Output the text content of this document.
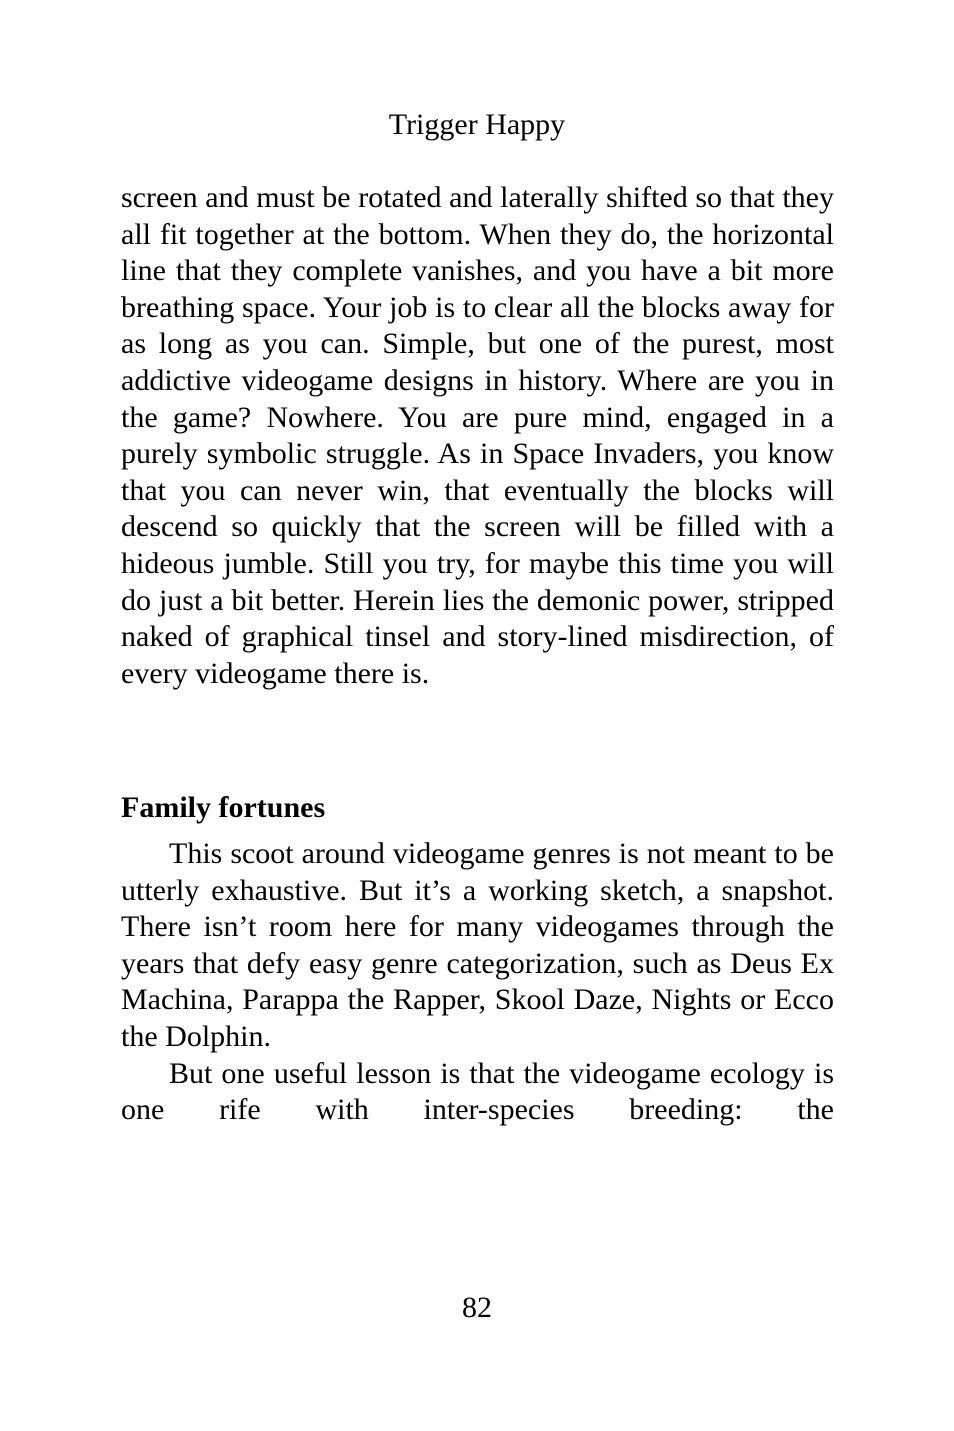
Trigger Happy

screen and must be rotated and laterally shifted so that they all fit together at the bottom. When they do, the horizontal line that they complete vanishes, and you have a bit more breathing space. Your job is to clear all the blocks away for as long as you can. Simple, but one of the purest, most addictive videogame designs in history. Where are you in the game? Nowhere. You are pure mind, engaged in a purely symbolic struggle. As in Space Invaders, you know that you can never win, that eventually the blocks will descend so quickly that the screen will be filled with a hideous jumble. Still you try, for maybe this time you will do just a bit better. Herein lies the demonic power, stripped naked of graphical tinsel and story-lined misdirection, of every videogame there is.

Family fortunes

This scoot around videogame genres is not meant to be utterly exhaustive. But it’s a working sketch, a snapshot. There isn’t room here for many videogames through the years that defy easy genre categorization, such as Deus Ex Machina, Parappa the Rapper, Skool Daze, Nights or Ecco the Dolphin.

But one useful lesson is that the videogame ecology is one rife with inter-species breeding: the

82
